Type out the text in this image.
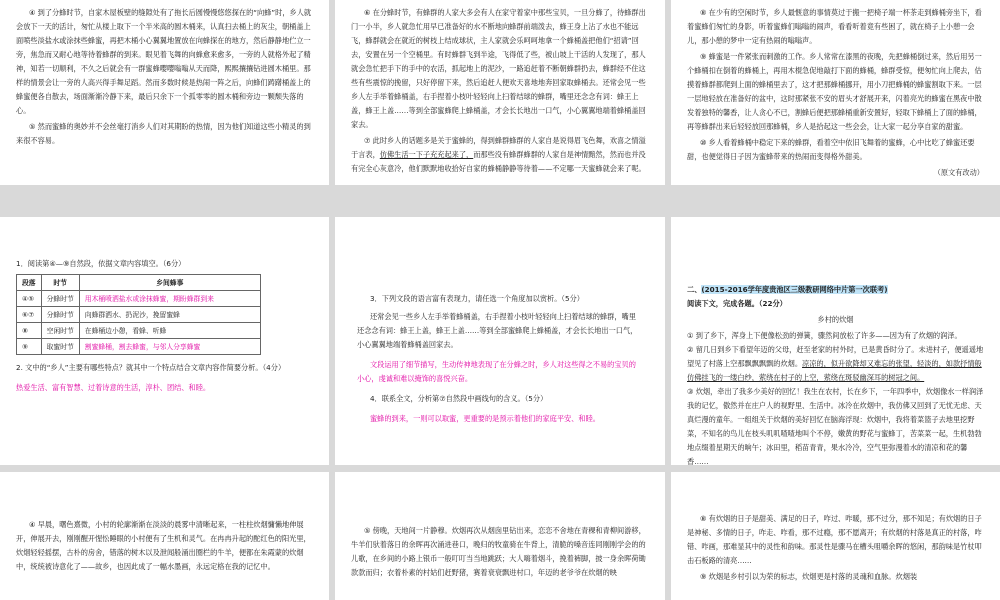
④ 到了分蜂时节，自家木屋板壁的缝隙处有了拖长后圆慢慢悠悠探在的“向蜂”时，乡人就会放下一天的活计，匆忙从楼上取下一个半米高的圆木桶来，认真扫去桶上的灰尘，朝桶盖上面喷些淡盐水或涂抹些蜂蜜，再把木桶小心翼翼地置放在向蜂探在的地方，然后静静地伫立一旁，焦急而又耐心地等待着蜂群的到来。眼见着飞舞的向蜂愈来愈多，一旁的人就格外起了精神，知若一切顺利，不久之后就会有一群蜜蜂嘤嘤嗡嗡从天而降，熙熙攘攘钻进圆木桶里。那样的情景会让一旁的人高兴得手舞足蹈。然而多数时候是热闹一阵之后，向蜂们踌躇桶盖上的蜂蜜便各自散去，场面渐渐冷静下来，最后只余下一个孤零零的圆木桶和旁边一颗颓失落的心。

⑤ 然而蜜蜂的奥妙并不会丝毫打消乡人们对其期盼的热情，因为他们知道这些小精灵的到来很不容易。

⑥ 在分蜂时节，有蜂群的人家大多会有人在家守着家中那些宝贝，一旦分蜂了，待蜂群出门一小半，乡人就急忙用早已准备好的水不断地向蜂群前端泼去，蜂王身上沾了水也不能远飞，蜂群就会在就近的树枝上结成球状，主人家就会乐呵呵地拿一个蜂桶盖把他们“招请”回去，安置在另一个空桶里。有时蜂群飞到半途，飞得低了些，被山坡上干活的人发现了，那人就会急忙把手下的手中的农活，抓起地上的泥沙，一路追赶着不断朝蜂群扔去，蜂群经不住这些有些震惊的挽留，只好停留下来，然后追赶人便欢天喜地地奔回家取蜂桶去。还常会见一些乡人左手举着蜂桶盖，右手捏着小枝叶轻轻向上扫着结球的蜂群，嘴里还念念有词：蜂王上盖，蜂王上盖……等到全部蜜蜂爬上蜂桶盖，才会长长地出一口气，小心翼翼地端着蜂桶盖回家去。

⑦ 此时乡人的话题多是关于蜜蜂的，得到蜂群蜂群的人家自是说得眉飞色舞，欢喜之情溢于言表，仿佛生活一下子充充起来了，而那些没有蜂群蜂群的人家自是神情黯然，然而也并没有完全心灰意冷，他们默默地收拾好自家的蜂桶静静等待着——不定哪一天蜜蜂就会来了呢。

⑧ 在少有的空闲时节，乡人最惬意的事情莫过于搬一把椅子端一杯茶走到蜂桶旁坐下，看着蜜蜂们匆忙的身影，听着蜜蜂们嗡嗡的闹声，看看听着竟有些困了，就在椅子上小憩一会儿，那小憩的梦中一定有热闹的嗡嗡声。

⑨ 蜂蜜是一件紧张而刺激的工作。乡人常常在漆黑的夜晚，先把蜂桶倒过来，然后用另一个蜂桶扣在倒着的蜂桶上，再用木棍急促地敲打下面的蜂桶，蜂群受惊，便匆忙向上爬去，估摸着蜂群都爬到上面的蜂桶里去了，这才把那蜂桶挪开，用小刀把蜂桶的蜂蜜割取下来。一层一层地轻放在准备好的盆中，这时那紧张不安的眉头才舒展开来，闪着亮光的蜂蜜在黑夜中散发着独特的馨香，让人贪心不已，割蜂后便把那蜂桶重新安置好，轻取下蜂桶上了面的蜂桶，再等蜂群出来后轻轻放回那蜂桶，乡人是拾起这一些会会，让大家一起分享自家的甜蜜。

⑩ 乡人看着蜂桶中稳定下来的蜂群，看着空中依旧飞舞着的蜜蜂，心中比吃了蜂蜜还要甜，也便觉得日子因为蜜蜂带来的热闹而变得格外甜美。

（原文有改动）
1．阅读第④—⑨自然段，依据文章内容填空。（6分）
段落	时节	乡间蜂事
④⑤	分蜂时节	用木桶喷洒盐水或涂抹蜂蜜，期盼蜂群到来
⑥⑦	分蜂时节	向蜂群洒水、扔泥沙，挽留蜜蜂
⑧	空闲时节	在蜂桶边小憩，看蜂、听蜂
⑨	取蜜时节	割蜜蜂桶，割去蜂蜜，与邻人分享蜂蜜
2. 文中的“乡人”主要有哪些特点？就其中一个特点结合文章内容作简要分析。（4分）
热爱生活、富有智慧、过着诗意的生活，淳朴、团结、和睦。
3．下列文段的语言富有表现力，请任选一个角度加以赏析。（5分）

还常会见一些乡人左手举着蜂桶盖，右手捏着小枝叶轻轻向上扫着结球的蜂群，嘴里还念念有词：蜂王上盖，蜂王上盖……等到全部蜜蜂爬上蜂桶盖，才会长长地出一口气，小心翼翼地端着蜂桶盖回家去。

文段运用了细节描写，生动传神地表现了在分蜂之时，乡人对这些得之不易的宝贝的小心，虔诚和难以掩饰的喜悦兴奋。

4．联系全文，分析第⑦自然段中画线句的含义。（5分）

蜜蜂的到来，一则可以取蜜，更重要的是预示着他们的家庭平安、和睦。

二、(2015-2016学年度贵池区三级教研网络中片第一次联考)阅读下文，完成各题。（22分）
乡村的炊烟
① 到了乡下，浑身上下便像松劲的弹簧，骤然间放松了许多——因为有了炊烟的润泽。
② 留几日到乡下看望年迈的父母，赶至老家的村外时，已是黄昏时分了。未进村子，便遥遥地望见了村落上空那飘飘飘飘的炊烟。凉凉的，似升欲降却又难忘的张望，轻淡的，如款抒情般仿佛挂飞的一缕白纱，萦绕在村子的上空，萦绕在斑驳幽深耳的树冠之间。
③ 炊烟，牵出了我多少美好的回忆！我生在农村，长在乡下，一年四季中，炊烟像水一样润泽我的记忆，傲然并在庄户人的视野里、生活中。冰冷在炊烟中，我仿佛又回到了无忧无虑、天真烂漫的童年。一组组关于炊烟的美好回忆在脑海浮现：炊烟中，我将着菜篮子去地里挖野菜，不知名的鸟儿在枝头叽叽喳喳地叫个不停，嫩黄的野花与蜜蜂丁，苦菜菜一起，生机勃勃地点缀着星期天的晌午；冰田里，稻苗青青，果水冷冷，空气里弥漫着水的清凉和花的馨香……

④ 早晨，曙色熹微，小村的轮廓渐渐在淡淡的晨雾中清晰起来，一柱柱炊烟慵懒地伸展开，伸展开去，刚刚醒开惺忪睡眼的小村便有了生机和灵气。在冉冉升起的酡红色的阳光里，炊烟轻轻摇摆，古朴的房舍，错落的树木以及泄闻般涌出圈栏的牛羊，便都在朱霞蒙的炊烟中，统统被诗意化了——故乡，也因此成了一幅水墨画，永远定格在我的记忆中。

⑤ 傍晚，天地间一片静穆。炊烟再次从烟囱里钻出来，恋恋不舍地在青稞和青柳间游移，牛羊们驮着落日的余晖再次涌进巷口，晚归的牧童骑在牛背上，清脆的嗓音连同刚刚学会的的儿歌，在乡间的小路上银币一般叮叮当当地跳跃；大人嗨着烟斗，挽着裤脚，披一身余晖荷锄款款而归；衣着朴素的村姑们赶野猪，赛着衰衰飘进村口，年迈的老爷爷在炊烟的映

⑧ 有炊烟的日子是甜美、满足的日子，咋过、咋暖，那不过分，那不知足；有炊烟的日子是神秘、多情的日子，咋走、咋看，那不过瘾，那不愿离开；有炊烟的村落是真正的村落，咋错、咋画，那难显其中的灵性和韵味。那灵性是骤马在槽头咀嚼余晖的悠闲，那韵味是竹杖叩击石板路的清亮……

⑨ 炊烟是乡村引以为荣的标志，炊烟更是村落的灵魂和血脉。炊烟装
